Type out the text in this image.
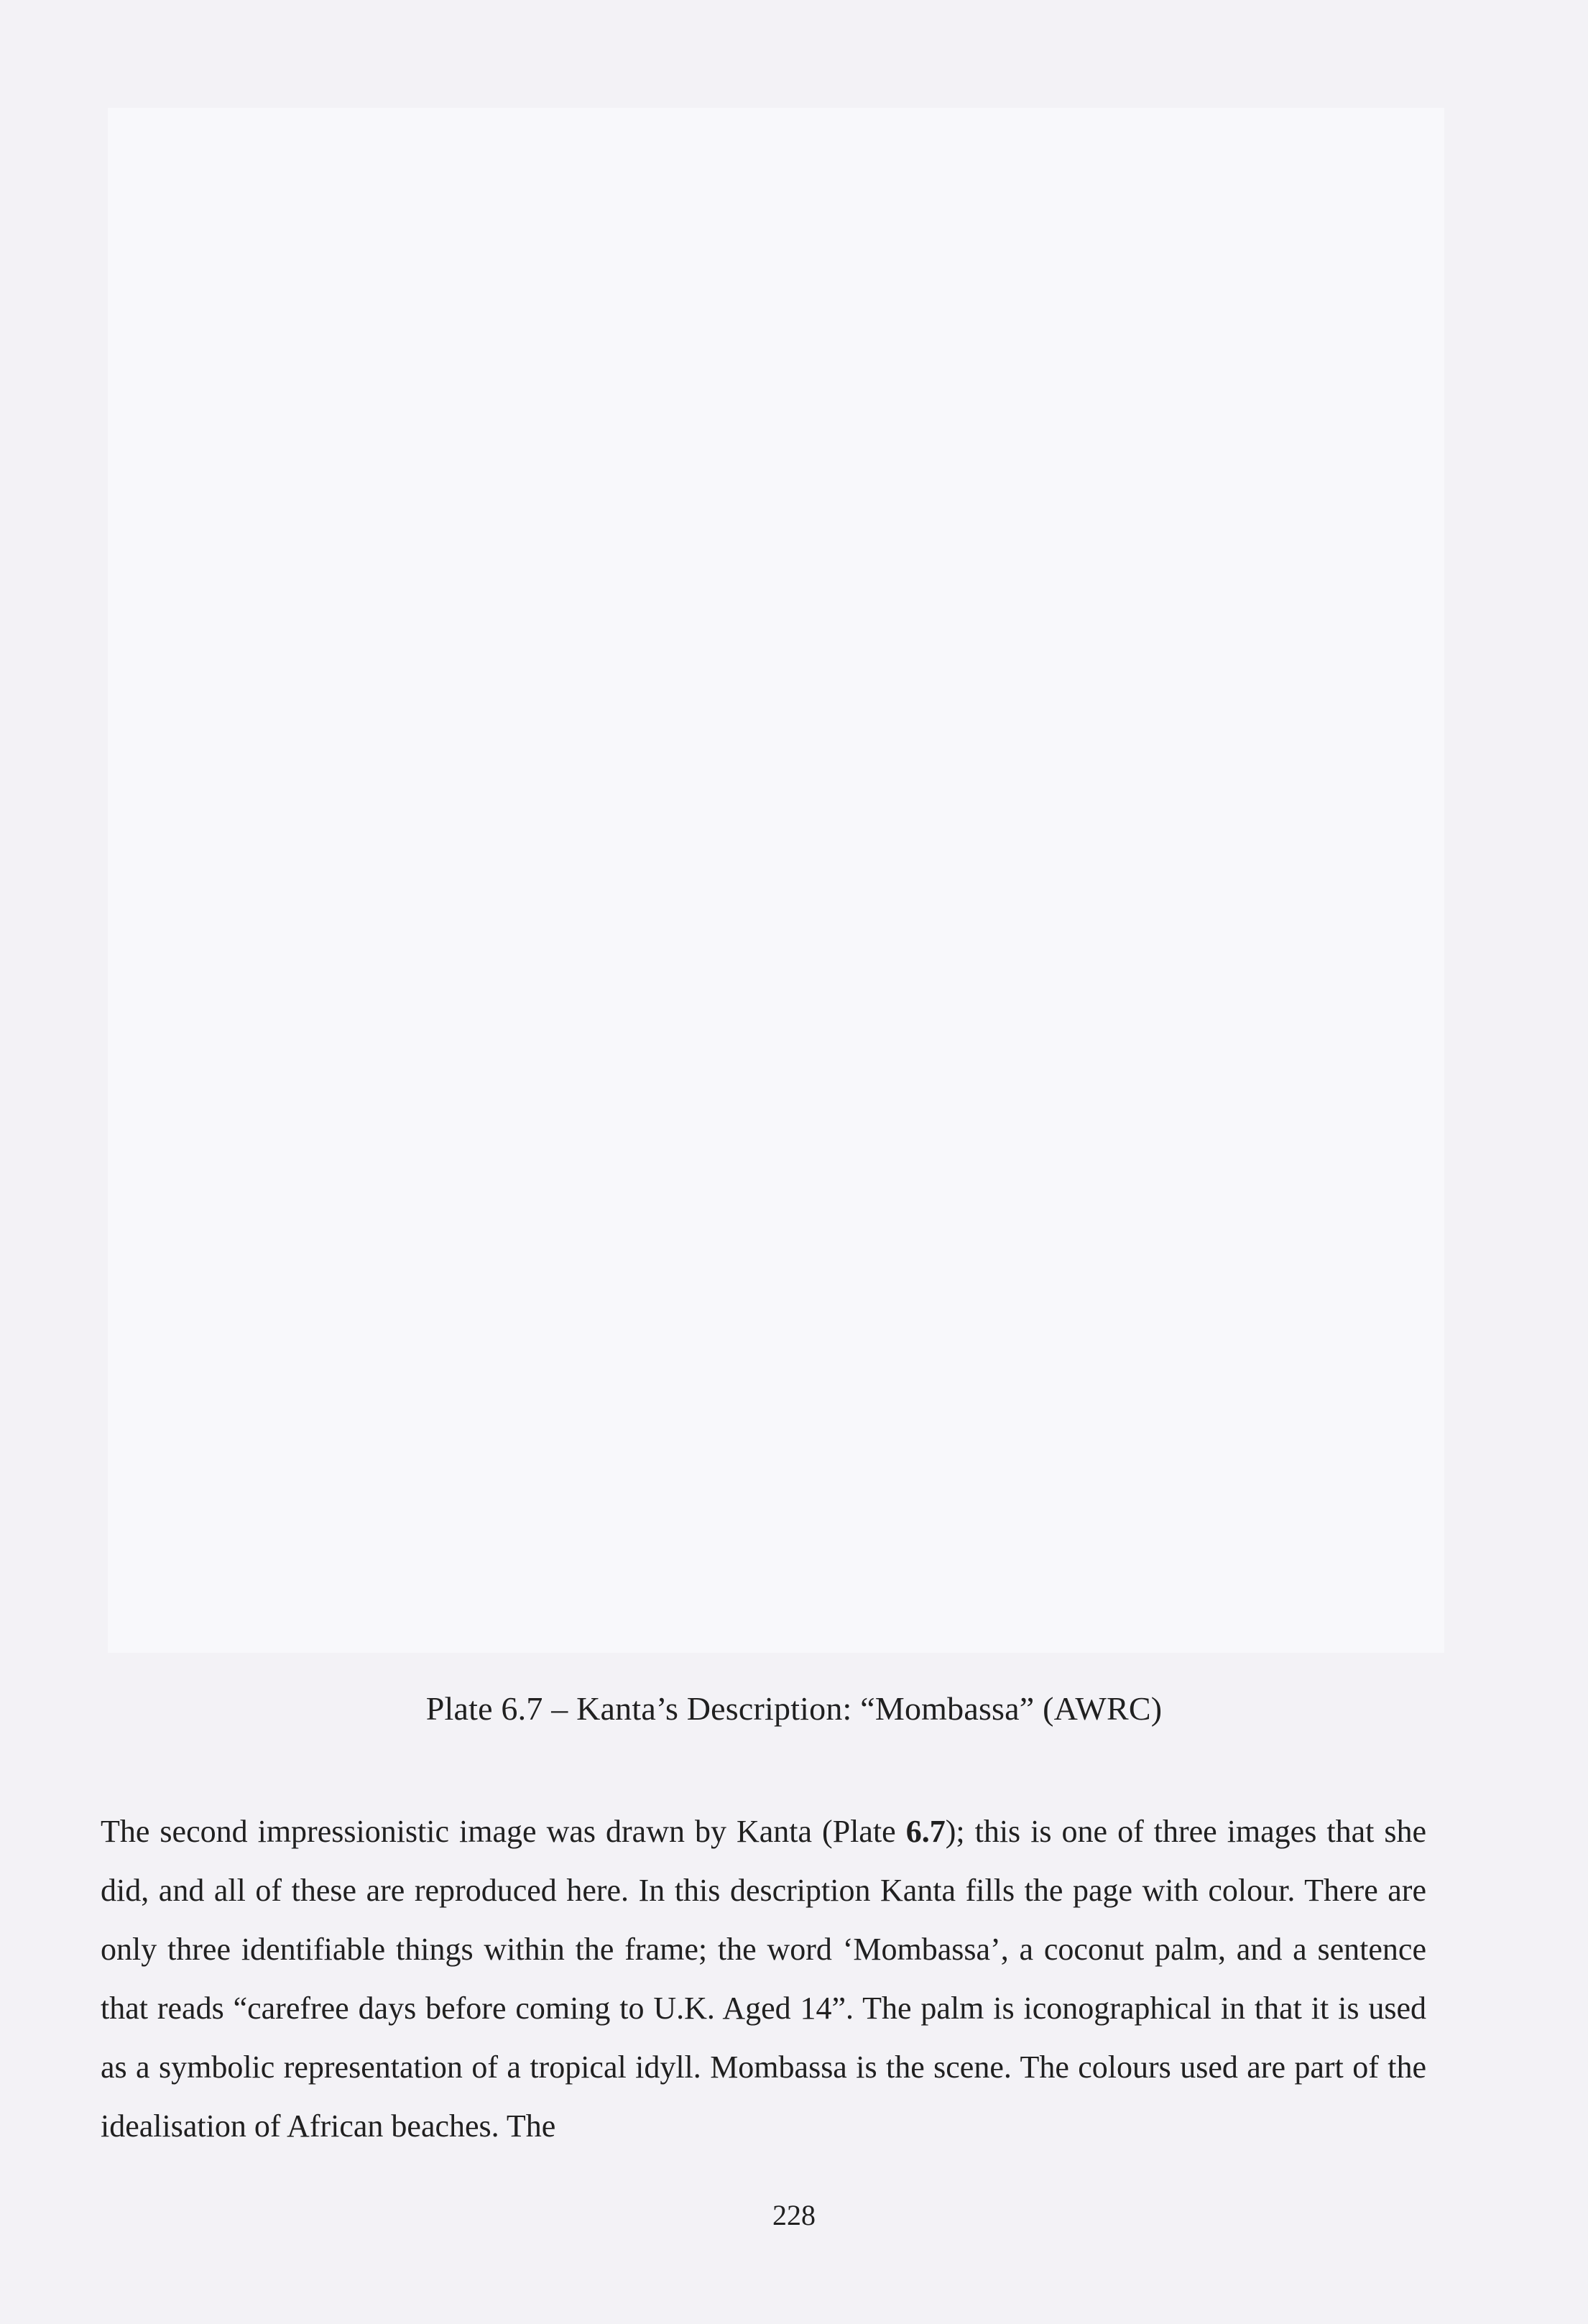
Plate 6.7 – Kanta’s Description: “Mombassa” (AWRC)

The second impressionistic image was drawn by Kanta (Plate 6.7); this is one of three images that she did, and all of these are reproduced here. In this description Kanta fills the page with colour. There are only three identifiable things within the frame; the word ‘Mombassa’, a coconut palm, and a sentence that reads “carefree days before coming to U.K. Aged 14”. The palm is iconographical in that it is used as a symbolic representation of a tropical idyll. Mombassa is the scene. The colours used are part of the idealisation of African beaches. The

228
